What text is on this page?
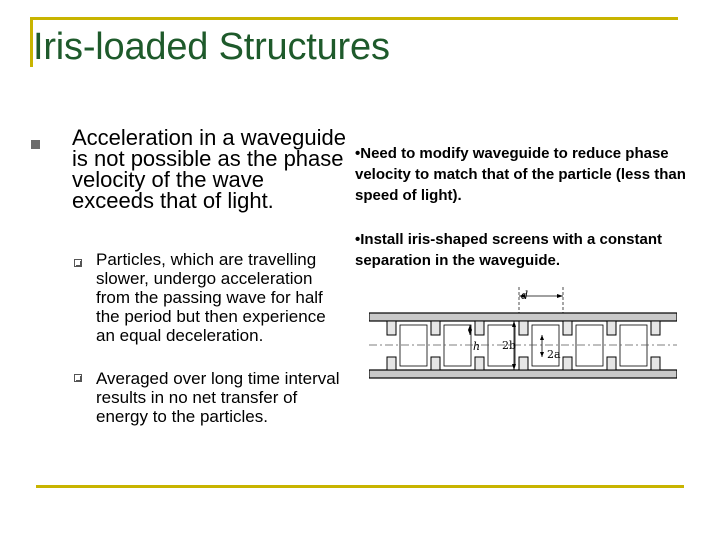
Iris-loaded Structures
Acceleration in a waveguide is not possible as the phase velocity of the wave exceeds that of light.
Particles, which are travelling slower, undergo acceleration from the passing wave for half the period but then experience an equal deceleration.
Averaged over long time interval results in no net transfer of energy to the particles.
•Need to modify waveguide to reduce phase velocity to match that of the particle (less than speed of light).
•Install iris-shaped screens with a constant separation in the waveguide.
d
h 2b
2a
